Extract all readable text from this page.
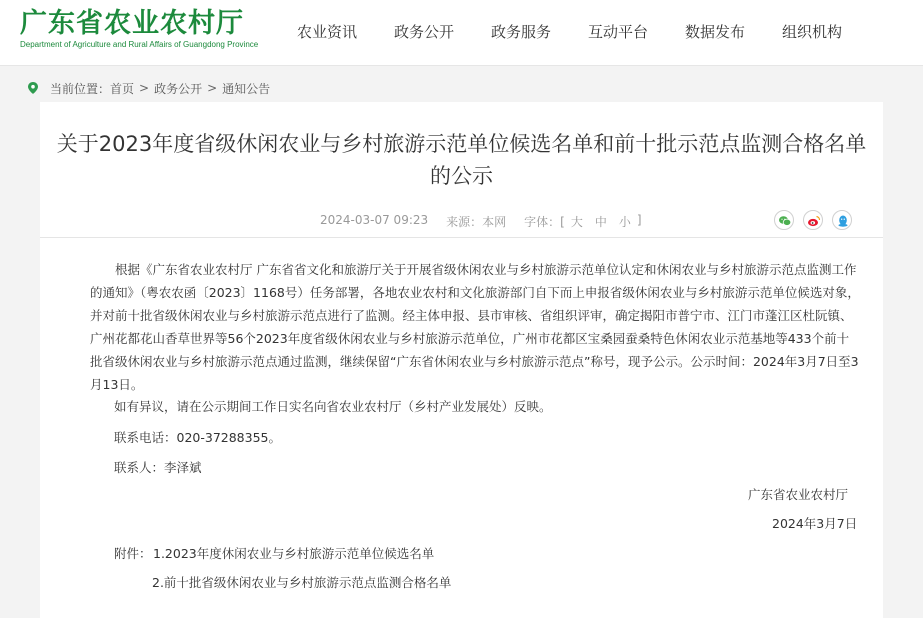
广东省农业农村厅
Department of Agriculture and Rural Affairs of Guangdong Province
农业资讯 政务公开 政务服务 互动平台 数据发布 组织机构
当前位置： 首页 > 政务公开 > 通知公告
关于2023年度省级休闲农业与乡村旅游示范单位候选名单和前十批示范点监测合格名单的公示
2024-03-07 09:23 来源：本网 字体：[ 大	中	小 ]

根据《广东省农业农村厅 广东省省文化和旅游厅关于开展省级休闲农业与乡村旅游示范单位认定和休闲农业与乡村旅游示范点监测工作的通知》（粤农农函〔2023〕1168号）任务部署，各地农业农村和文化旅游部门自下而上申报省级休闲农业与乡村旅游示范单位候选对象，并对前十批省级休闲农业与乡村旅游示范点进行了监测。经主体申报、县市审核、省组织评审，确定揭阳市普宁市、江门市蓬江区杜阮镇、广州花都花山香草世界等56个2023年度省级休闲农业与乡村旅游示范单位，广州市花都区宝桑园蚕桑特色休闲农业示范基地等433个前十批省级休闲农业与乡村旅游示范点通过监测，继续保留“广东省休闲农业与乡村旅游示范点”称号，现予公示。公示时间：2024年3月7日至3月13日。

如有异议，请在公示期间工作日实名向省农业农村厅（乡村产业发展处）反映。
联系电话：020-37288355。
联系人：李泽斌
广东省农业农村厅
2024年3月7日
附件： 1.2023年度休闲农业与乡村旅游示范单位候选名单
2.前十批省级休闲农业与乡村旅游示范点监测合格名单
